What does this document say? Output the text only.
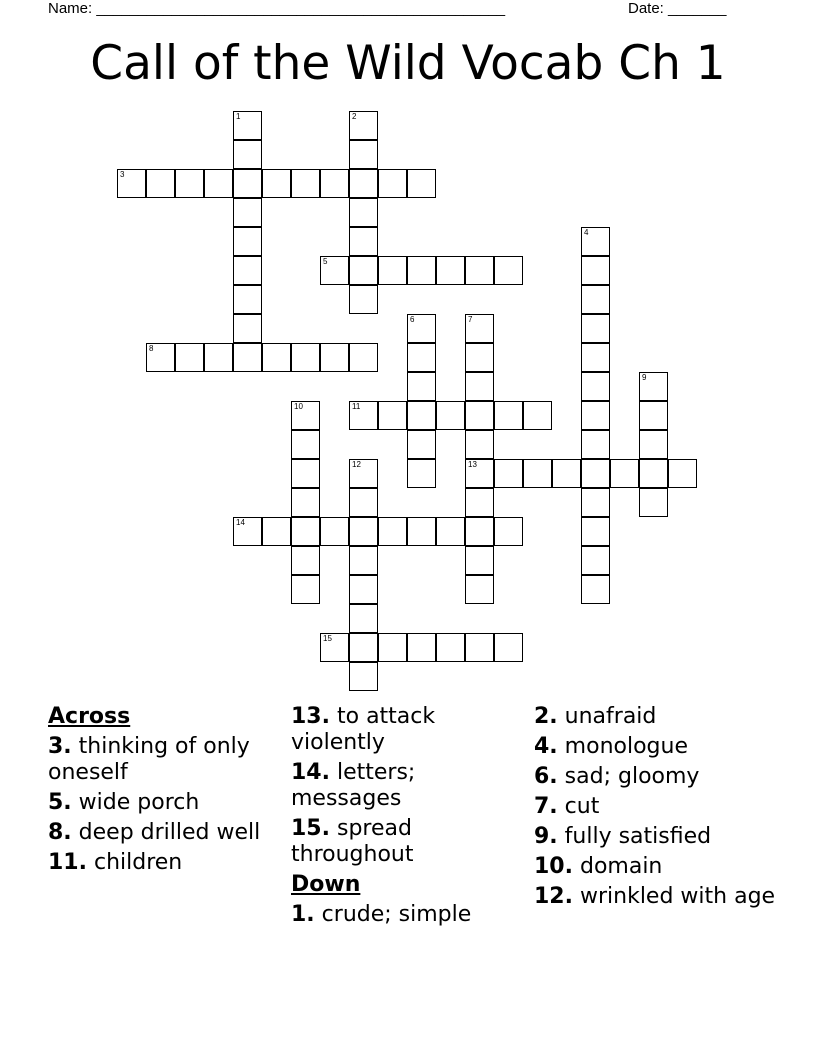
Name: _________________________________________________	Date: _______
Call of the Wild Vocab Ch 1
1	2
3
4
5
6	7
8
9
10	11
12	13
14
15
Across
3. thinking of only oneself
5. wide porch
8. deep drilled well
11. children
13. to attack violently
14. letters; messages
15. spread throughout
Down
1. crude; simple
2. unafraid
4. monologue
6. sad; gloomy
7. cut
9. fully satisfied
10. domain
12. wrinkled with age
